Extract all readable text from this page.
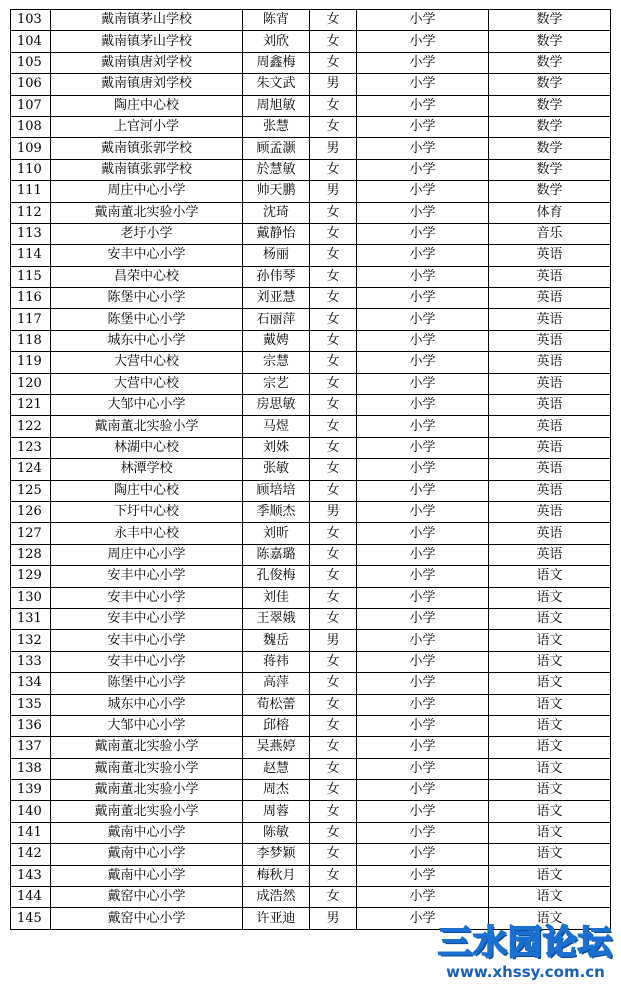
103	戴南镇茅山学校	陈宵	女	小学	数学
104	戴南镇茅山学校	刘欣	女	小学	数学
105	戴南镇唐刘学校	周鑫梅	女	小学	数学
106	戴南镇唐刘学校	朱文武	男	小学	数学
107	陶庄中心校	周旭敏	女	小学	数学
108	上官河小学	张慧	女	小学	数学
109	戴南镇张郭学校	顾孟灏	男	小学	数学
110	戴南镇张郭学校	於慧敏	女	小学	数学
111	周庄中心小学	帅天鹏	男	小学	数学
112	戴南董北实验小学	沈琦	女	小学	体育
113	老圩小学	戴静怡	女	小学	音乐
114	安丰中心小学	杨丽	女	小学	英语
115	昌荣中心校	孙伟琴	女	小学	英语
116	陈堡中心小学	刘亚慧	女	小学	英语
117	陈堡中心小学	石丽萍	女	小学	英语
118	城东中心小学	戴娉	女	小学	英语
119	大营中心校	宗慧	女	小学	英语
120	大营中心校	宗艺	女	小学	英语
121	大邹中心小学	房思敏	女	小学	英语
122	戴南董北实验小学	马煜	女	小学	英语
123	林湖中心校	刘姝	女	小学	英语
124	林潭学校	张敏	女	小学	英语
125	陶庄中心校	顾培培	女	小学	英语
126	下圩中心校	季顺杰	男	小学	英语
127	永丰中心校	刘昕	女	小学	英语
128	周庄中心小学	陈嘉璐	女	小学	英语
129	安丰中心小学	孔俊梅	女	小学	语文
130	安丰中心小学	刘佳	女	小学	语文
131	安丰中心小学	王翠娥	女	小学	语文
132	安丰中心小学	魏岳	男	小学	语文
133	安丰中心小学	蒋祎	女	小学	语文
134	陈堡中心小学	高萍	女	小学	语文
135	城东中心小学	荀松蕾	女	小学	语文
136	大邹中心小学	邱榕	女	小学	语文
137	戴南董北实验小学	吴燕婷	女	小学	语文
138	戴南董北实验小学	赵慧	女	小学	语文
139	戴南董北实验小学	周杰	女	小学	语文
140	戴南董北实验小学	周蓉	女	小学	语文
141	戴南中心小学	陈敏	女	小学	语文
142	戴南中心小学	李梦颖	女	小学	语文
143	戴南中心小学	梅秋月	女	小学	语文
144	戴窑中心小学	成浩然	女	小学	语文
145	戴窑中心小学	许亚迪	男	小学	语文
三水园论坛
www.xhssy.com.cn
